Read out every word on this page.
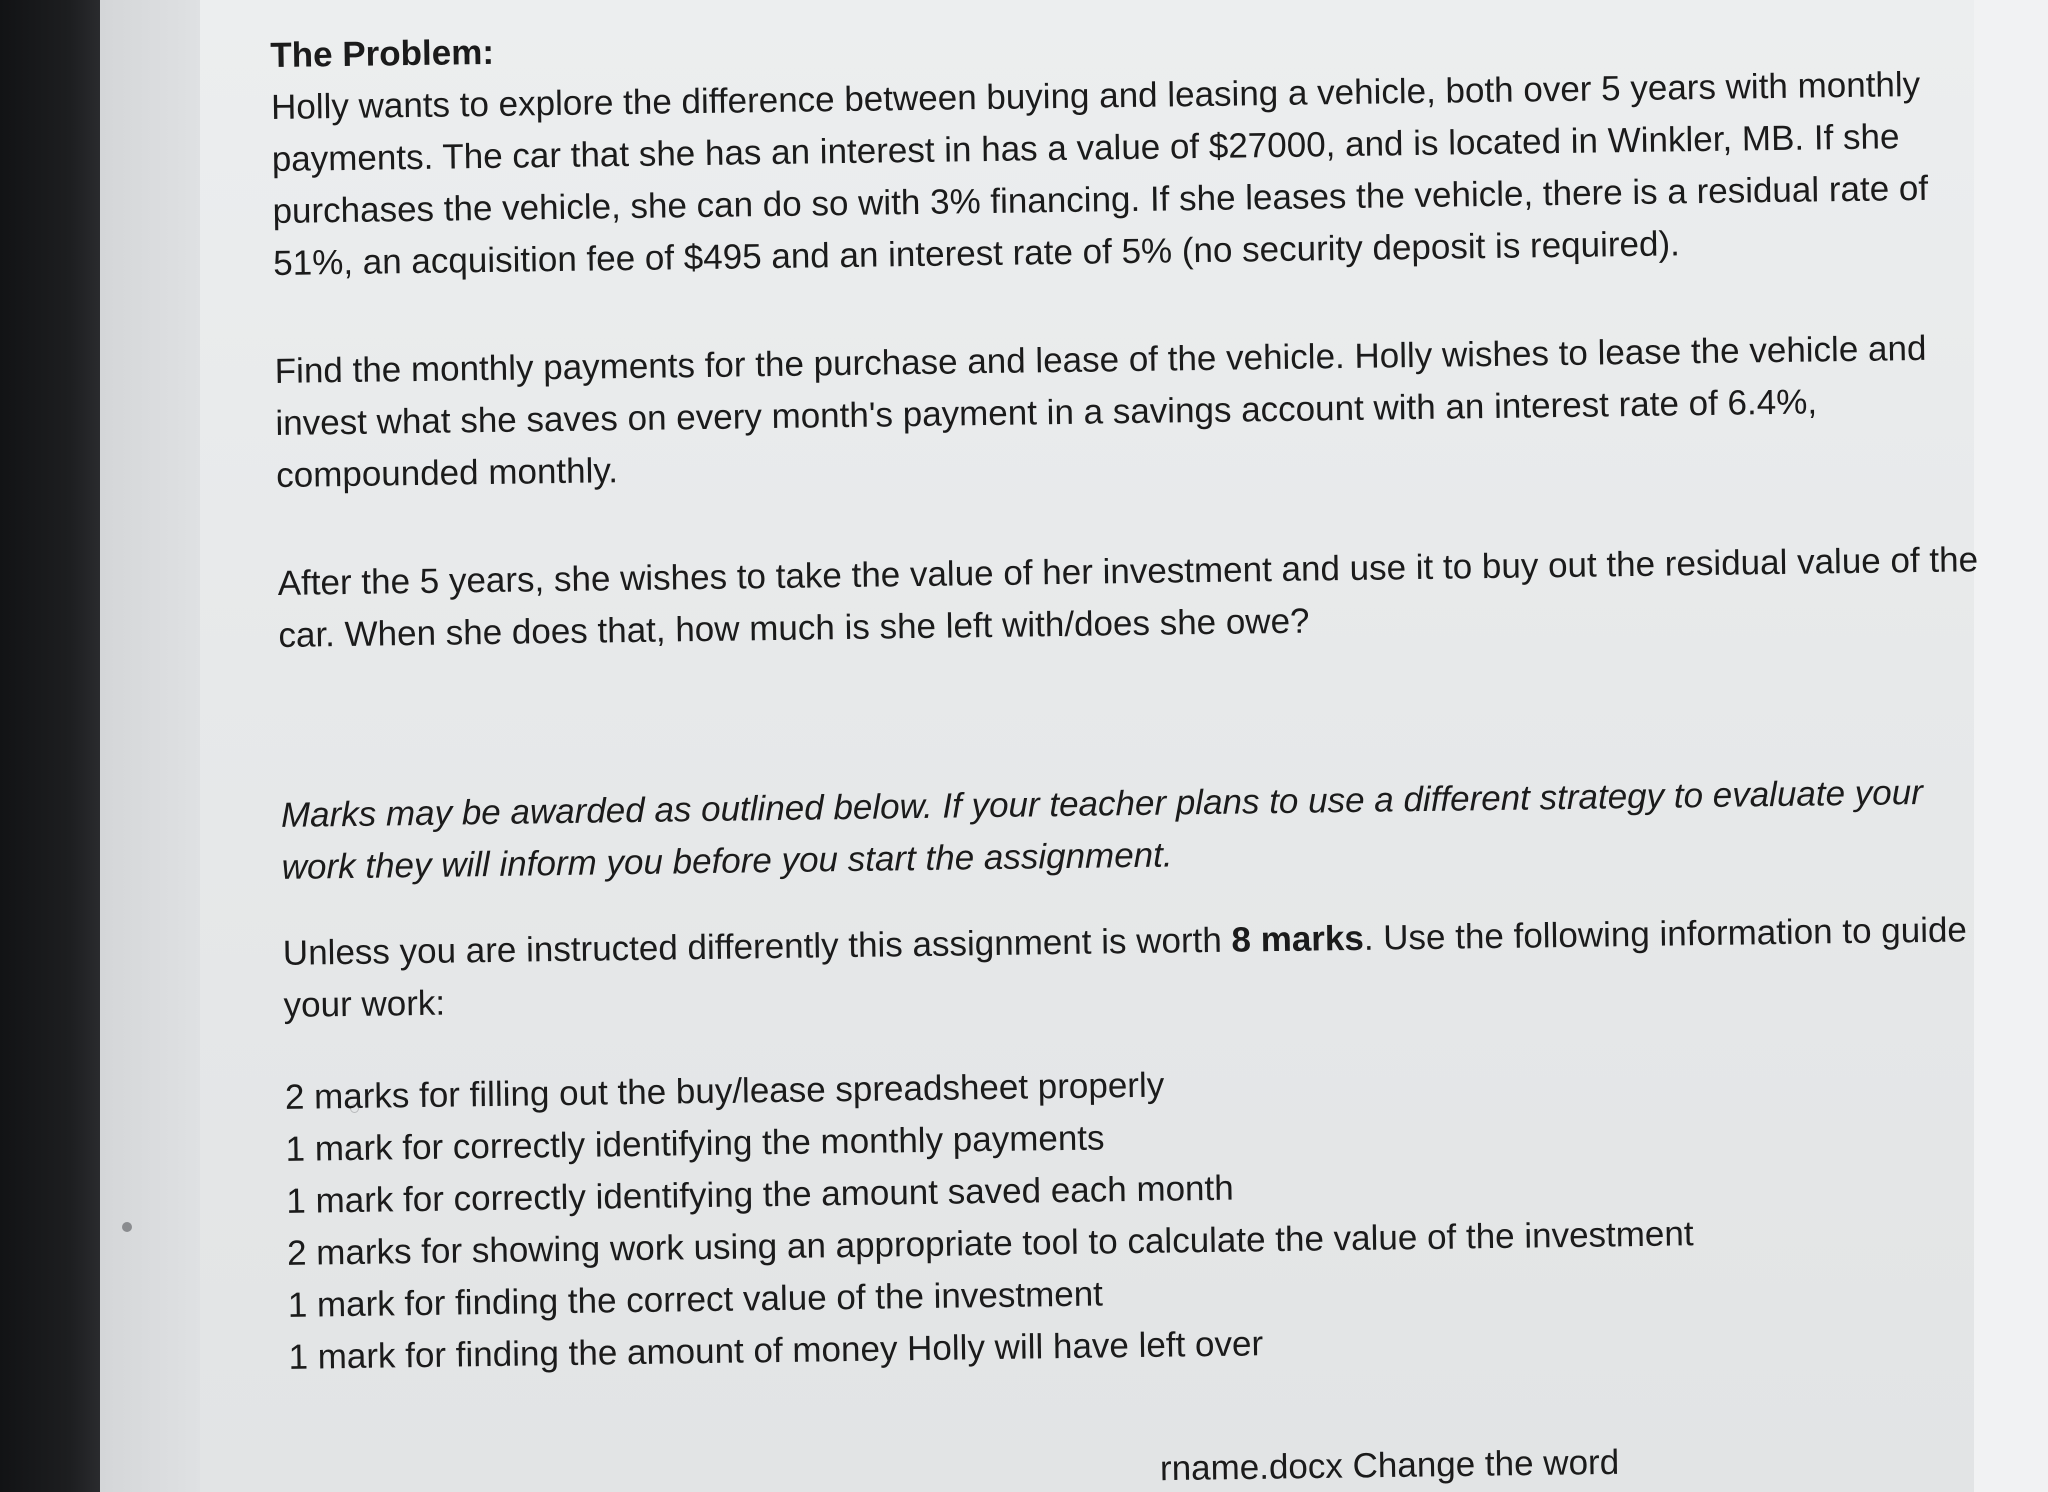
The Problem:

Holly wants to explore the difference between buying and leasing a vehicle, both over 5 years with monthly payments. The car that she has an interest in has a value of $27000, and is located in Winkler, MB. If she purchases the vehicle, she can do so with 3% financing. If she leases the vehicle, there is a residual rate of 51%, an acquisition fee of $495 and an interest rate of 5% (no security deposit is required).

Find the monthly payments for the purchase and lease of the vehicle. Holly wishes to lease the vehicle and invest what she saves on every month's payment in a savings account with an interest rate of 6.4%, compounded monthly.

After the 5 years, she wishes to take the value of her investment and use it to buy out the residual value of the car. When she does that, how much is she left with/does she owe?

Marks may be awarded as outlined below. If your teacher plans to use a different strategy to evaluate your work they will inform you before you start the assignment.

Unless you are instructed differently this assignment is worth 8 marks. Use the following information to guide your work:

2 marks for filling out the buy/lease spreadsheet properly
1 mark for correctly identifying the monthly payments
1 mark for correctly identifying the amount saved each month
2 marks for showing work using an appropriate tool to calculate the value of the investment
1 mark for finding the correct value of the investment
1 mark for finding the amount of money Holly will have left over
rname.docx Change the word
